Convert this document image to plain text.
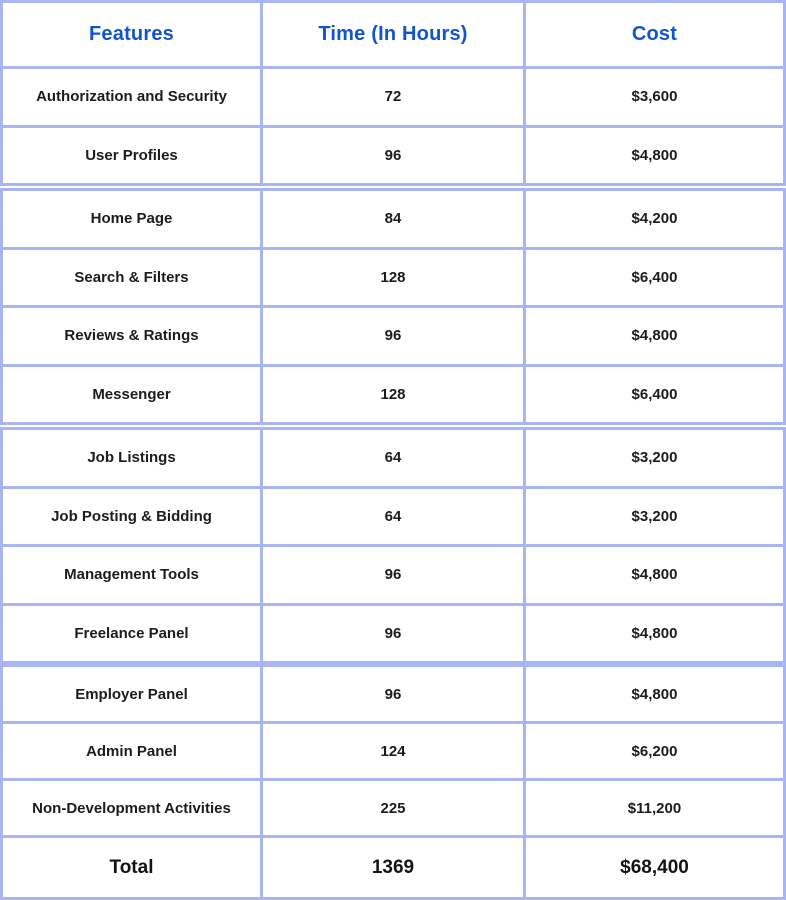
Features	Time (In Hours)	Cost
Authorization and Security	72	$3,600
User Profiles	96	$4,800
Home Page	84	$4,200
Search & Filters	128	$6,400
Reviews & Ratings	96	$4,800
Messenger	128	$6,400
Job Listings	64	$3,200
Job Posting & Bidding	64	$3,200
Management Tools	96	$4,800
Freelance Panel	96	$4,800
Employer Panel	96	$4,800
Admin Panel	124	$6,200
Non-Development Activities	225	$11,200
Total	1369	$68,400
